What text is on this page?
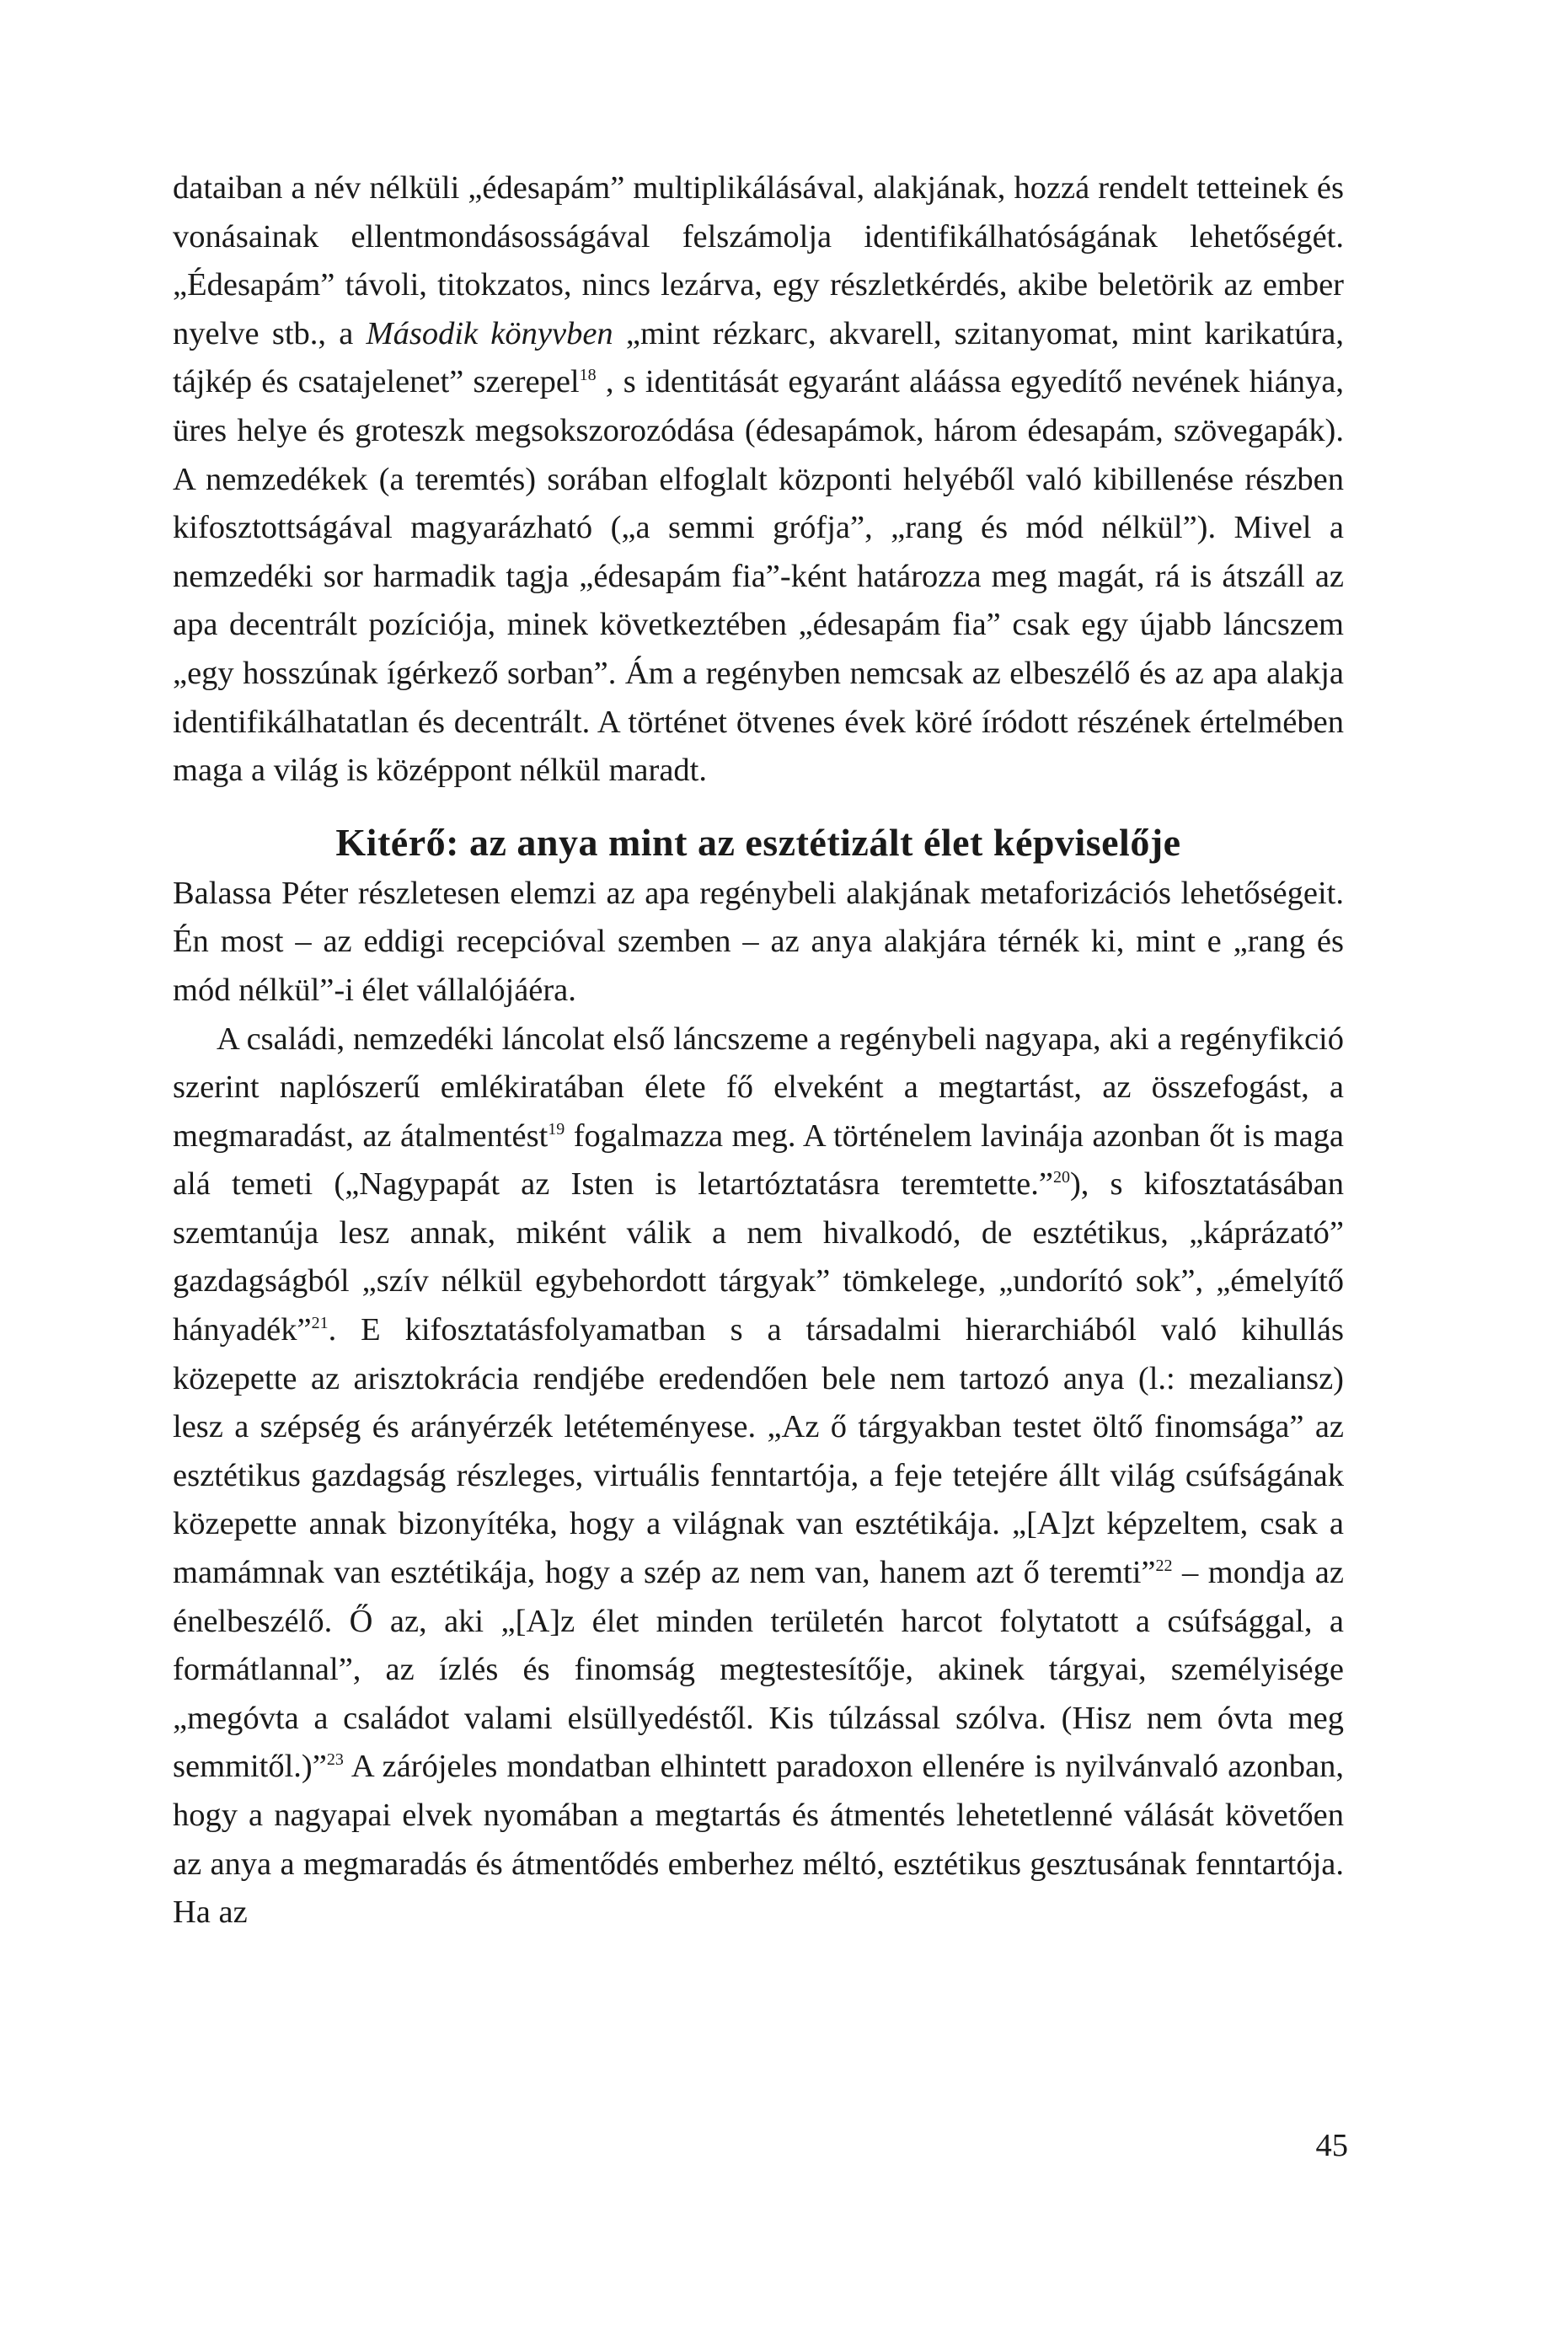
dataiban a név nélküli „édesapám” multiplikálásával, alakjának, hozzá rendelt tetteinek és vonásainak ellentmondásosságával felszámolja identifikálhatóságának lehetőségét. „Édesapám” távoli, titokzatos, nincs lezárva, egy részletkérdés, akibe beletörik az ember nyelve stb., a Második könyvben „mint rézkarc, akvarell, szitanyomat, mint karikatúra, tájkép és csatajelenet” szerepel$^{18}$ , s identitását egyaránt aláássa egyedítő nevének hiánya, üres helye és groteszk megsokszorozódása (édesapámok, három édesapám, szövegapák). A nemzedékek (a teremtés) sorában elfoglalt központi helyéből való kibillenése részben kifosztottságával magyarázható („a semmi grófja”, „rang és mód nélkül”). Mivel a nemzedéki sor harmadik tagja „édesapám fia”-ként határozza meg magát, rá is átszáll az apa decentrált pozíciója, minek következtében „édesapám fia” csak egy újabb láncszem „egy hosszúnak ígérkező sorban”. Ám a regényben nemcsak az elbeszélő és az apa alakja identifikálhatatlan és decentrált. A történet ötvenes évek köré íródott részének értelmében maga a világ is középpont nélkül maradt.

Kitérő: az anya mint az esztétizált élet képviselője

Balassa Péter részletesen elemzi az apa regénybeli alakjának metaforizációs lehetőségeit. Én most – az eddigi recepcióval szemben – az anya alakjára térnék ki, mint e „rang és mód nélkül”-i élet vállalójáéra.

A családi, nemzedéki láncolat első láncszeme a regénybeli nagyapa, aki a regényfikció szerint naplószerű emlékiratában élete fő elveként a megtartást, az összefogást, a megmaradást, az átalmentést$^{19}$ fogalmazza meg. A történelem lavinája azonban őt is maga alá temeti („Nagypapát az Isten is letartóztatásra teremtette.”$^{20}$), s kifosztatásában szemtanúja lesz annak, miként válik a nem hivalkodó, de esztétikus, „káprázató” gazdagságból „szív nélkül egybehordott tárgyak” tömkelege, „undorító sok”, „émelyítő hányadék”$^{21}$. E kifosztatásfolyamatban s a társadalmi hierarchiából való kihullás közepette az arisztokrácia rendjébe eredendően bele nem tartozó anya (l.: mezaliansz) lesz a szépség és arányérzék letéteményese. „Az ő tárgyakban testet öltő finomsága” az esztétikus gazdagság részleges, virtuális fenntartója, a feje tetejére állt világ csúfságának közepette annak bizonyítéka, hogy a világnak van esztétikája. „[A]zt képzeltem, csak a mamámnak van esztétikája, hogy a szép az nem van, hanem azt ő teremti”$^{22}$ – mondja az énelbeszélő. Ő az, aki „[A]z élet minden területén harcot folytatott a csúfsággal, a formátlannal”, az ízlés és finomság megtestesítője, akinek tárgyai, személyisége „megóvta a családot valami elsüllyedéstől. Kis túlzással szólva. (Hisz nem óvta meg semmitől.)”$^{23}$ A zárójeles mondatban elhintett paradoxon ellenére is nyilvánvaló azonban, hogy a nagyapai elvek nyomában a megtartás és átmentés lehetetlenné válását követően az anya a megmaradás és átmentődés emberhez méltó, esztétikus gesztusának fenntartója. Ha az

45
